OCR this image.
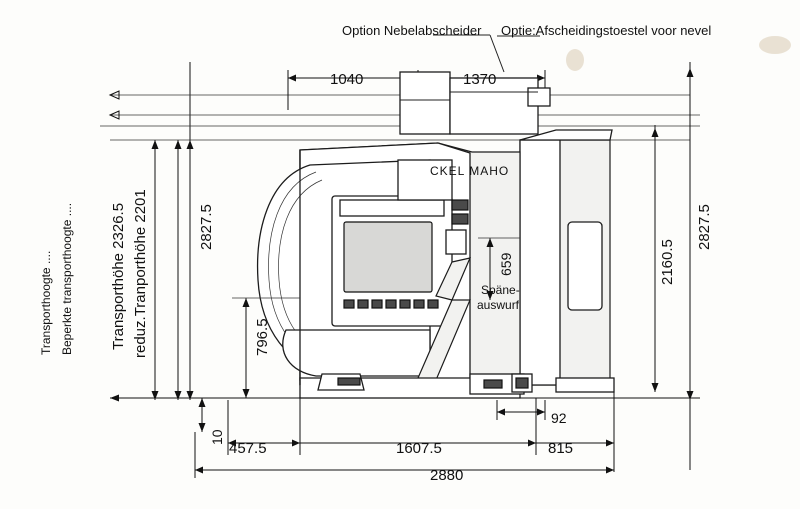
Option Nebelabscheider Optie:Afscheidingstoestel voor nevel
CKEL MAHO
Späne-
auswurf
Transporthoogte .... Beperkte transporthoogte .... Transporthöhe 2326.5 reduz.Tranporthöhe 2201
1040	1370
92
457.5	1607.5	815
2880
2827.5
796.5
659	2160.5
2827.5
10
